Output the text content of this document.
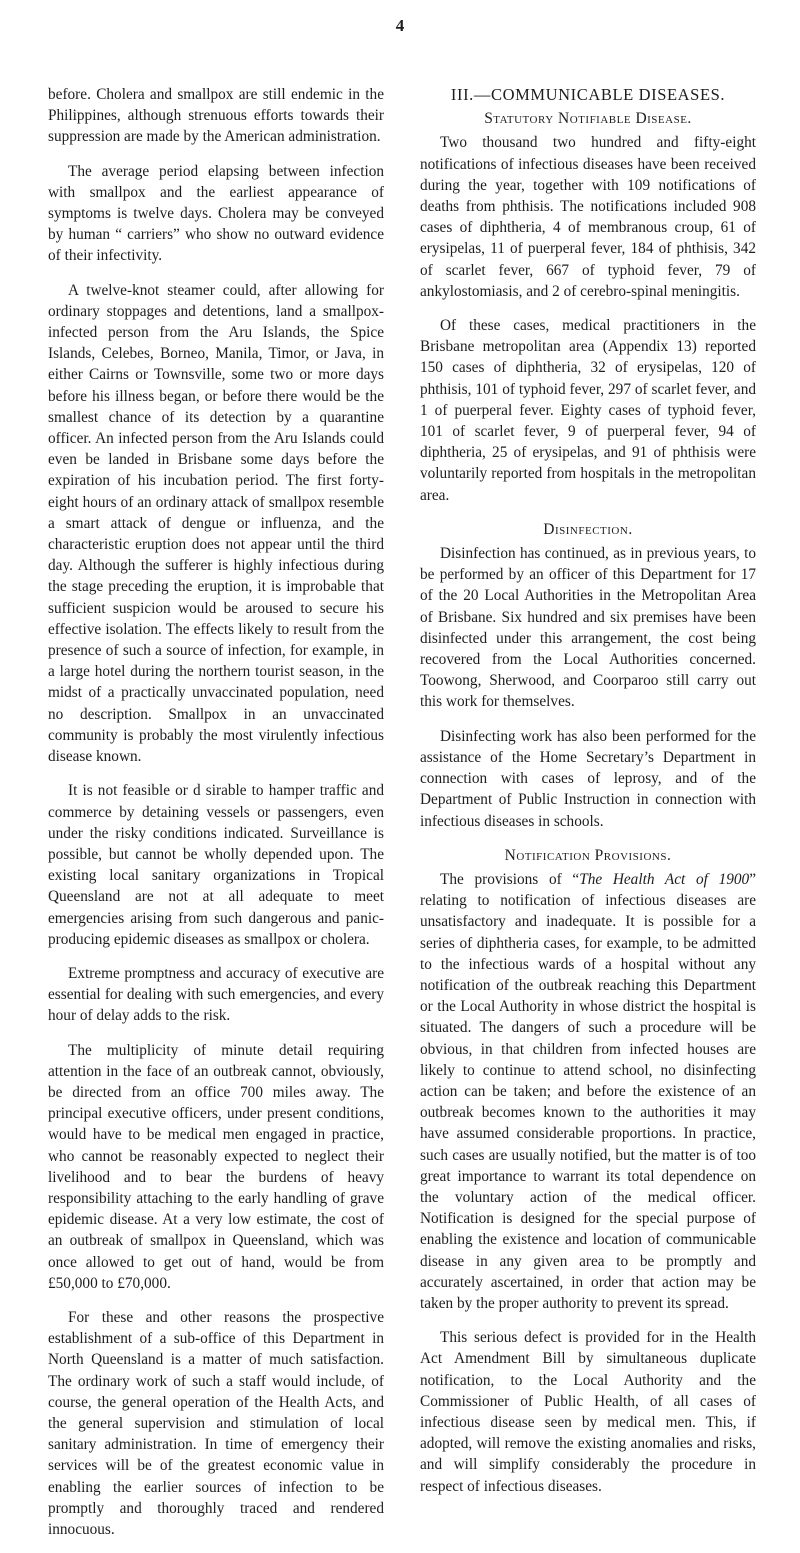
4

before. Cholera and smallpox are still endemic in the Philippines, although strenuous efforts towards their suppression are made by the American administration.

The average period elapsing between infection with smallpox and the earliest appearance of symptoms is twelve days. Cholera may be conveyed by human “ carriers” who show no outward evidence of their infectivity.

A twelve-knot steamer could, after allowing for ordinary stoppages and detentions, land a smallpox-infected person from the Aru Islands, the Spice Islands, Celebes, Borneo, Manila, Timor, or Java, in either Cairns or Townsville, some two or more days before his illness began, or before there would be the smallest chance of its detection by a quarantine officer. An infected person from the Aru Islands could even be landed in Brisbane some days before the expiration of his incubation period. The first forty-eight hours of an ordinary attack of smallpox resemble a smart attack of dengue or influenza, and the characteristic eruption does not appear until the third day. Although the sufferer is highly infectious during the stage preceding the eruption, it is improbable that sufficient suspicion would be aroused to secure his effective isolation. The effects likely to result from the presence of such a source of infection, for example, in a large hotel during the northern tourist season, in the midst of a practically unvaccinated population, need no description. Smallpox in an unvaccinated community is probably the most virulently infectious disease known.

It is not feasible or d sirable to hamper traffic and commerce by detaining vessels or passengers, even under the risky conditions indicated. Surveillance is possible, but cannot be wholly depended upon. The existing local sanitary organizations in Tropical Queensland are not at all adequate to meet emergencies arising from such dangerous and panic-producing epidemic diseases as smallpox or cholera.

Extreme promptness and accuracy of executive are essential for dealing with such emergencies, and every hour of delay adds to the risk.

The multiplicity of minute detail requiring attention in the face of an outbreak cannot, obviously, be directed from an office 700 miles away. The principal executive officers, under present conditions, would have to be medical men engaged in practice, who cannot be reasonably expected to neglect their livelihood and to bear the burdens of heavy responsibility attaching to the early handling of grave epidemic disease. At a very low estimate, the cost of an outbreak of smallpox in Queensland, which was once allowed to get out of hand, would be from £50,000 to £70,000.

For these and other reasons the prospective establishment of a sub-office of this Department in North Queensland is a matter of much satisfaction. The ordinary work of such a staff would include, of course, the general operation of the Health Acts, and the general supervision and stimulation of local sanitary administration. In time of emergency their services will be of the greatest economic value in enabling the earlier sources of infection to be promptly and thoroughly traced and rendered innocuous.

III.—COMMUNICABLE DISEASES.
Statutory Notifiable Disease.

Two thousand two hundred and fifty-eight notifications of infectious diseases have been received during the year, together with 109 notifications of deaths from phthisis. The notifications included 908 cases of diphtheria, 4 of membranous croup, 61 of erysipelas, 11 of puerperal fever, 184 of phthisis, 342 of scarlet fever, 667 of typhoid fever, 79 of ankylostomiasis, and 2 of cerebro-spinal meningitis.

Of these cases, medical practitioners in the Brisbane metropolitan area (Appendix 13) reported 150 cases of diphtheria, 32 of erysipelas, 120 of phthisis, 101 of typhoid fever, 297 of scarlet fever, and 1 of puerperal fever. Eighty cases of typhoid fever, 101 of scarlet fever, 9 of puerperal fever, 94 of diphtheria, 25 of erysipelas, and 91 of phthisis were voluntarily reported from hospitals in the metropolitan area.

Disinfection.

Disinfection has continued, as in previous years, to be performed by an officer of this Department for 17 of the 20 Local Authorities in the Metropolitan Area of Brisbane. Six hundred and six premises have been disinfected under this arrangement, the cost being recovered from the Local Authorities concerned. Toowong, Sherwood, and Coorparoo still carry out this work for themselves.

Disinfecting work has also been performed for the assistance of the Home Secretary’s Department in connection with cases of leprosy, and of the Department of Public Instruction in connection with infectious diseases in schools.

Notification Provisions.

The provisions of “The Health Act of 1900” relating to notification of infectious diseases are unsatisfactory and inadequate. It is possible for a series of diphtheria cases, for example, to be admitted to the infectious wards of a hospital without any notification of the outbreak reaching this Department or the Local Authority in whose district the hospital is situated. The dangers of such a procedure will be obvious, in that children from infected houses are likely to continue to attend school, no disinfecting action can be taken; and before the existence of an outbreak becomes known to the authorities it may have assumed considerable proportions. In practice, such cases are usually notified, but the matter is of too great importance to warrant its total dependence on the voluntary action of the medical officer. Notification is designed for the special purpose of enabling the existence and location of communicable disease in any given area to be promptly and accurately ascertained, in order that action may be taken by the proper authority to prevent its spread.

This serious defect is provided for in the Health Act Amendment Bill by simultaneous duplicate notification, to the Local Authority and the Commissioner of Public Health, of all cases of infectious disease seen by medical men. This, if adopted, will remove the existing anomalies and risks, and will simplify considerably the procedure in respect of infectious diseases.
